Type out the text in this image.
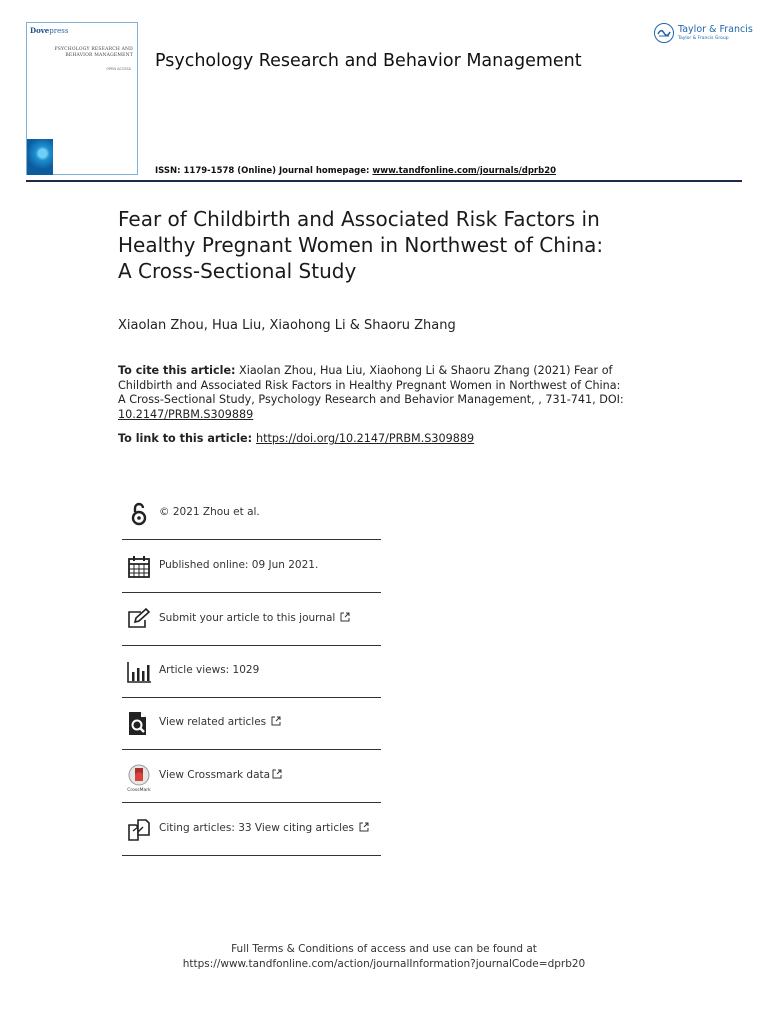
Dovepress
PSYCHOLOGY RESEARCH AND BEHAVIOR MANAGEMENT
OPEN ACCESS Psychology Research and Behavior Management
Taylor & Francis
Taylor & Francis Group
ISSN: 1179-1578 (Online) Journal homepage: www.tandfonline.com/journals/dprb20
Fear of Childbirth and Associated Risk Factors in
Healthy Pregnant Women in Northwest of China:
A Cross-Sectional Study
Xiaolan Zhou, Hua Liu, Xiaohong Li & Shaoru Zhang
To cite this article: Xiaolan Zhou, Hua Liu, Xiaohong Li & Shaoru Zhang (2021) Fear of Childbirth and Associated Risk Factors in Healthy Pregnant Women in Northwest of China: A Cross-Sectional Study, Psychology Research and Behavior Management, , 731-741, DOI: 10.2147/PRBM.S309889
To link to this article: https://doi.org/10.2147/PRBM.S309889
© 2021 Zhou et al.
Published online: 09 Jun 2021.
Submit your article to this journal
Article views: 1029
View related articles
CrossMark
View Crossmark data
Citing articles: 33 View citing articles
Full Terms & Conditions of access and use can be found at
https://www.tandfonline.com/action/journalInformation?journalCode=dprb20
